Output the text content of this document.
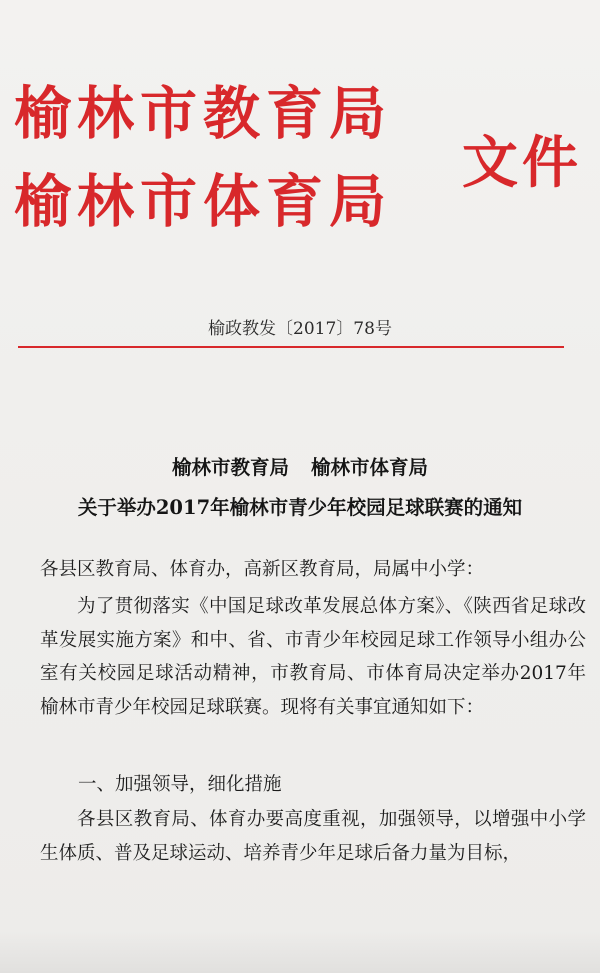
榆林市教育局
榆林市体育局
文件
榆政教发〔2017〕78号
榆林市教育局 榆林市体育局
关于举办2017年榆林市青少年校园足球联赛的通知
各县区教育局、体育办，高新区教育局，局属中小学：

为了贯彻落实《中国足球改革发展总体方案》、《陕西省足球改革发展实施方案》和中、省、市青少年校园足球工作领导小组办公室有关校园足球活动精神，市教育局、市体育局决定举办2017年榆林市青少年校园足球联赛。现将有关事宜通知如下：

一、加强领导，细化措施

各县区教育局、体育办要高度重视，加强领导，以增强中小学生体质、普及足球运动、培养青少年足球后备力量为目标，
